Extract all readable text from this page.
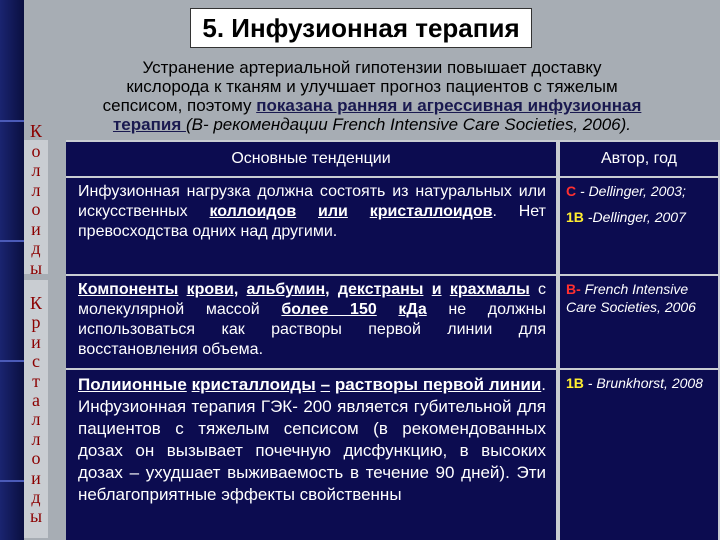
5. Инфузионная терапия
Устранение артериальной гипотензии повышает доставку
кислорода к тканям и улучшает прогноз пациентов с тяжелым
сепсисом, поэтому показана ранняя и агрессивная инфузионная
терапия (В- рекомендации French Intensive Care Societies, 2006).
К
о
л
л
о
и
д
ы
К
р
и
с
т
а
л
л
о
и
д
ы
Основные тенденции	Автор, год
Инфузионная нагрузка должна состоять из натуральных или искусственных коллоидов или кристаллоидов. Нет превосходства одних над другими.
С - Dellinger, 2003;
1В -Dellinger, 2007
Компоненты крови, альбумин, декстраны и крахмалы с молекулярной массой более 150 кДа не должны использоваться как растворы первой линии для восстановления объема.
В- French Intensive Care Societies, 2006
Полиионные кристаллоиды – растворы первой линии. Инфузионная терапия ГЭК- 200 является губительной для пациентов с тяжелым сепсисом (в рекомендованных дозах он вызывает почечную дисфункцию, в высоких дозах – ухудшает выживаемость в течение 90 дней). Эти неблагоприятные эффекты свойственны
1В - Brunkhorst, 2008
